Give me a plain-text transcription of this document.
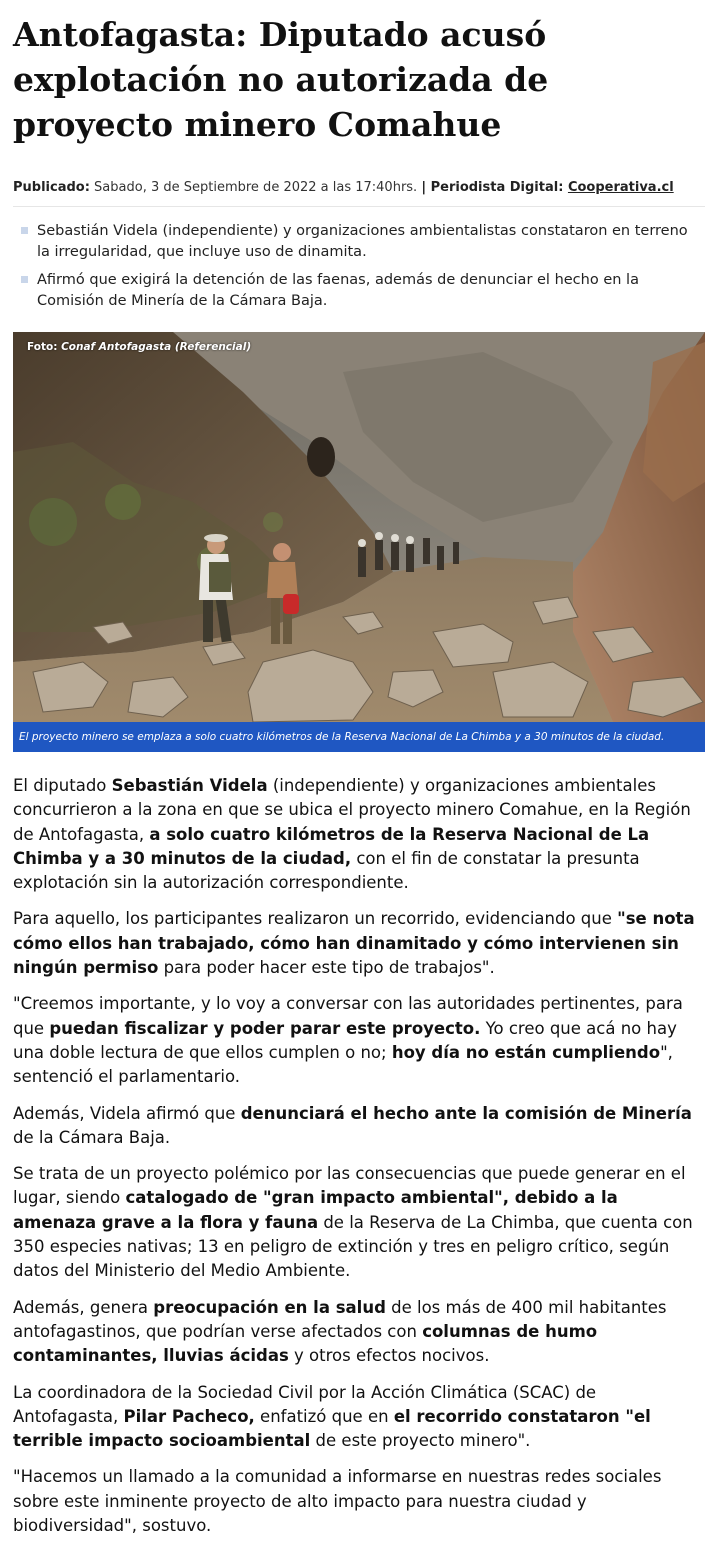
Antofagasta: Diputado acusó explotación no autorizada de proyecto minero Comahue
Publicado: Sabado, 3 de Septiembre de 2022 a las 17:40hrs. | Periodista Digital: Cooperativa.cl
Sebastián Videla (independiente) y organizaciones ambientalistas constataron en terreno la irregularidad, que incluye uso de dinamita.
Afirmó que exigirá la detención de las faenas, además de denunciar el hecho en la Comisión de Minería de la Cámara Baja.
Foto: Conaf Antofagasta (Referencial)
El proyecto minero se emplaza a solo cuatro kilómetros de la Reserva Nacional de La Chimba y a 30 minutos de la ciudad.

El diputado Sebastián Videla (independiente) y organizaciones ambientales concurrieron a la zona en que se ubica el proyecto minero Comahue, en la Región de Antofagasta, a solo cuatro kilómetros de la Reserva Nacional de La Chimba y a 30 minutos de la ciudad, con el fin de constatar la presunta explotación sin la autorización correspondiente.

Para aquello, los participantes realizaron un recorrido, evidenciando que "se nota cómo ellos han trabajado, cómo han dinamitado y cómo intervienen sin ningún permiso para poder hacer este tipo de trabajos".

"Creemos importante, y lo voy a conversar con las autoridades pertinentes, para que puedan fiscalizar y poder parar este proyecto. Yo creo que acá no hay una doble lectura de que ellos cumplen o no; hoy día no están cumpliendo", sentenció el parlamentario.

Además, Videla afirmó que denunciará el hecho ante la comisión de Minería de la Cámara Baja.

Se trata de un proyecto polémico por las consecuencias que puede generar en el lugar, siendo catalogado de "gran impacto ambiental", debido a la amenaza grave a la flora y fauna de la Reserva de La Chimba, que cuenta con 350 especies nativas; 13 en peligro de extinción y tres en peligro crítico, según datos del Ministerio del Medio Ambiente.

Además, genera preocupación en la salud de los más de 400 mil habitantes antofagastinos, que podrían verse afectados con columnas de humo contaminantes, lluvias ácidas y otros efectos nocivos.

La coordinadora de la Sociedad Civil por la Acción Climática (SCAC) de Antofagasta, Pilar Pacheco, enfatizó que en el recorrido constataron "el terrible impacto socioambiental de este proyecto minero".

"Hacemos un llamado a la comunidad a informarse en nuestras redes sociales sobre este inminente proyecto de alto impacto para nuestra ciudad y biodiversidad", sostuvo.
